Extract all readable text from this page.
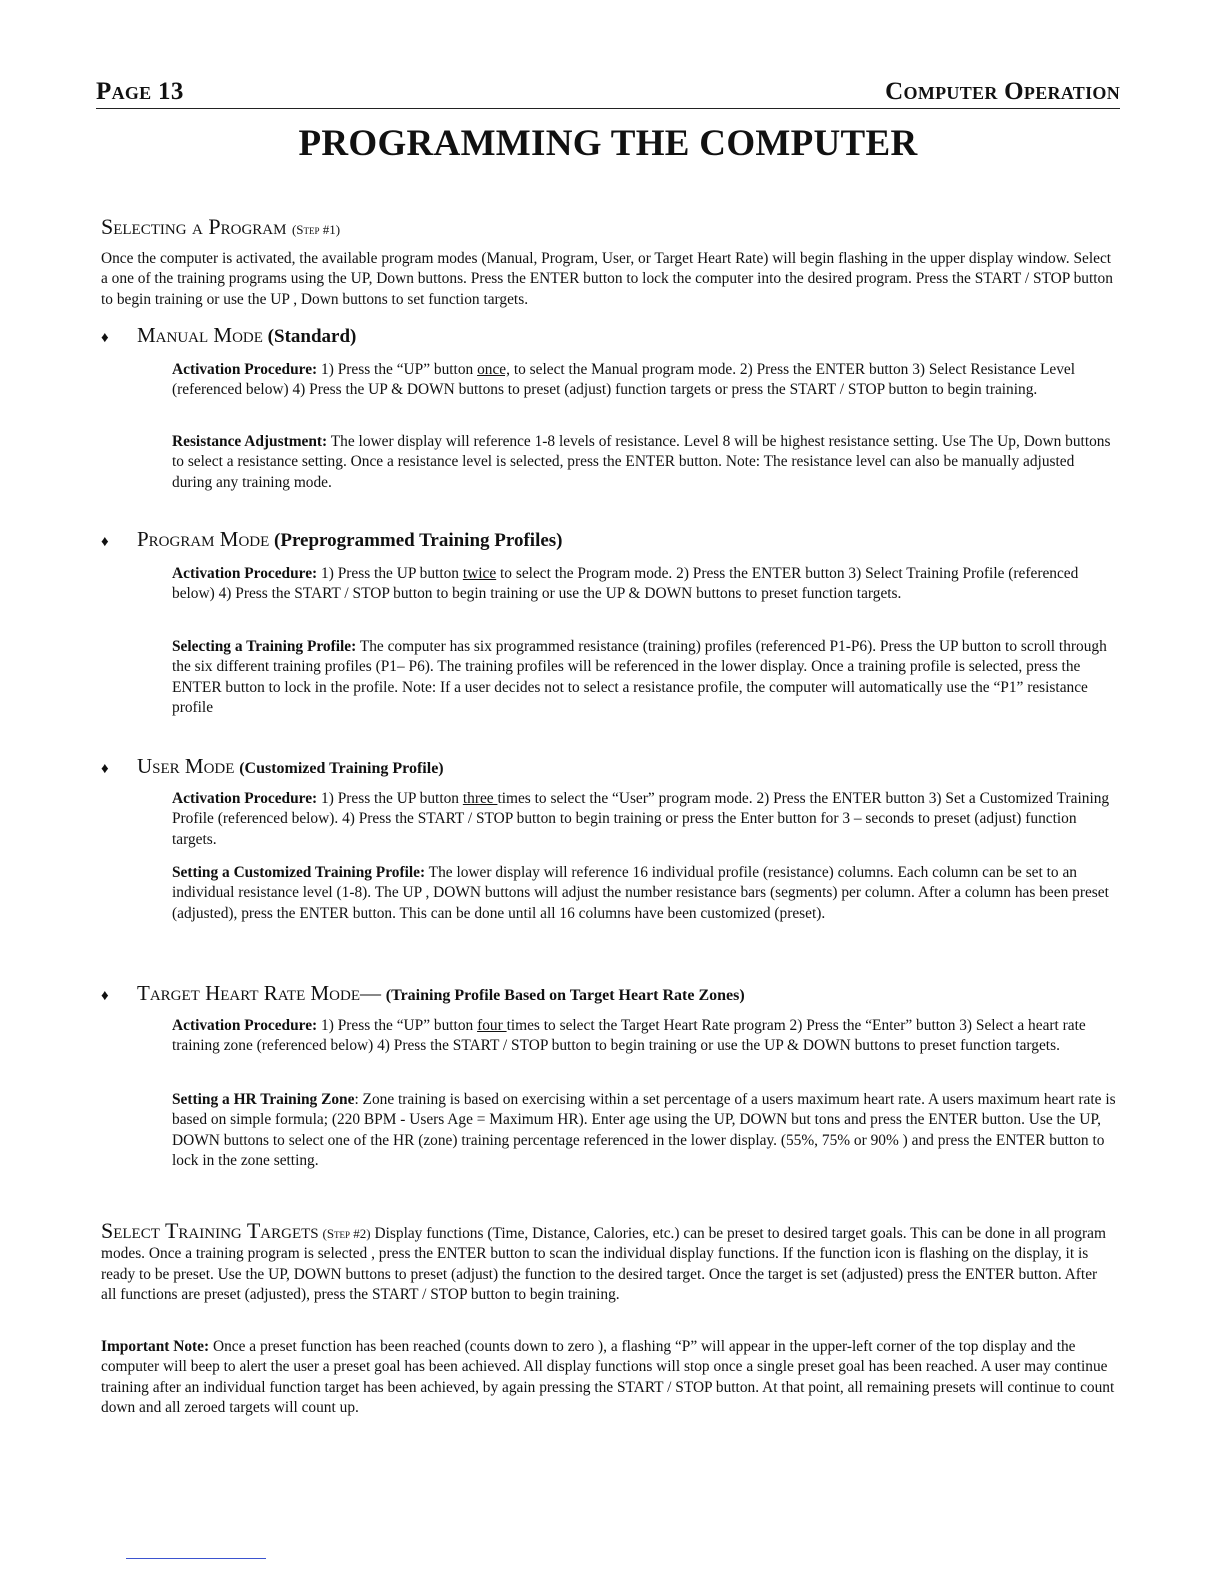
Page 13	Computer Operation
PROGRAMMING THE COMPUTER
Selecting a Program (Step #1)

Once the computer is activated, the available program modes (Manual, Program, User, or Target Heart Rate) will begin flashing in the upper display window. Select a one of the training programs using the UP, Down buttons. Press the ENTER button to lock the computer into the desired program. Press the START / STOP button to begin training or use the UP , Down buttons to set function targets.

♦ Manual Mode (Standard)

Activation Procedure: 1) Press the “UP” button once, to select the Manual program mode. 2) Press the ENTER button 3) Select Resistance Level (referenced below) 4) Press the UP & DOWN buttons to preset (adjust) function targets or press the START / STOP button to begin training.

Resistance Adjustment: The lower display will reference 1-8 levels of resistance. Level 8 will be highest resistance setting. Use The Up, Down buttons to select a resistance setting. Once a resistance level is selected, press the ENTER button. Note: The resistance level can also be manually adjusted during any training mode.

♦ Program Mode (Preprogrammed Training Profiles)

Activation Procedure: 1) Press the UP button twice to select the Program mode. 2) Press the ENTER button 3) Select Training Profile (referenced below) 4) Press the START / STOP button to begin training or use the UP & DOWN buttons to preset function targets.

Selecting a Training Profile: The computer has six programmed resistance (training) profiles (referenced P1-P6). Press the UP button to scroll through the six different training profiles (P1– P6). The training profiles will be referenced in the lower display. Once a training profile is selected, press the ENTER button to lock in the profile. Note: If a user decides not to select a resistance profile, the computer will automatically use the “P1” resistance profile

♦ User Mode (Customized Training Profile)

Activation Procedure: 1) Press the UP button three times to select the “User” program mode. 2) Press the ENTER button 3) Set a Customized Training Profile (referenced below). 4) Press the START / STOP button to begin training or press the Enter button for 3 – seconds to preset (adjust) function targets.

Setting a Customized Training Profile: The lower display will reference 16 individual profile (resistance) columns. Each column can be set to an individual resistance level (1-8). The UP , DOWN buttons will adjust the number resistance bars (segments) per column. After a column has been preset (adjusted), press the ENTER button. This can be done until all 16 columns have been customized (preset).

♦ Target Heart Rate Mode— (Training Profile Based on Target Heart Rate Zones)

Activation Procedure: 1) Press the “UP” button four times to select the Target Heart Rate program 2) Press the “Enter” button 3) Select a heart rate training zone (referenced below) 4) Press the START / STOP button to begin training or use the UP & DOWN buttons to preset function targets.

Setting a HR Training Zone: Zone training is based on exercising within a set percentage of a users maximum heart rate. A users maximum heart rate is based on simple formula; (220 BPM - Users Age = Maximum HR). Enter age using the UP, DOWN but tons and press the ENTER button. Use the UP, DOWN buttons to select one of the HR (zone) training percentage referenced in the lower display. (55%, 75% or 90% ) and press the ENTER button to lock in the zone setting.

Select Training Targets (Step #2) Display functions (Time, Distance, Calories, etc.) can be preset to desired target goals. This can be done in all program modes. Once a training program is selected , press the ENTER button to scan the individual display functions. If the function icon is flashing on the display, it is ready to be preset. Use the UP, DOWN buttons to preset (adjust) the function to the desired target. Once the target is set (adjusted) press the ENTER button. After all functions are preset (adjusted), press the START / STOP button to begin training.

Important Note: Once a preset function has been reached (counts down to zero ), a flashing “P” will appear in the upper-left corner of the top display and the computer will beep to alert the user a preset goal has been achieved. All display functions will stop once a single preset goal has been reached. A user may continue training after an individual function target has been achieved, by again pressing the START / STOP button. At that point, all remaining presets will continue to count down and all zeroed targets will count up.
